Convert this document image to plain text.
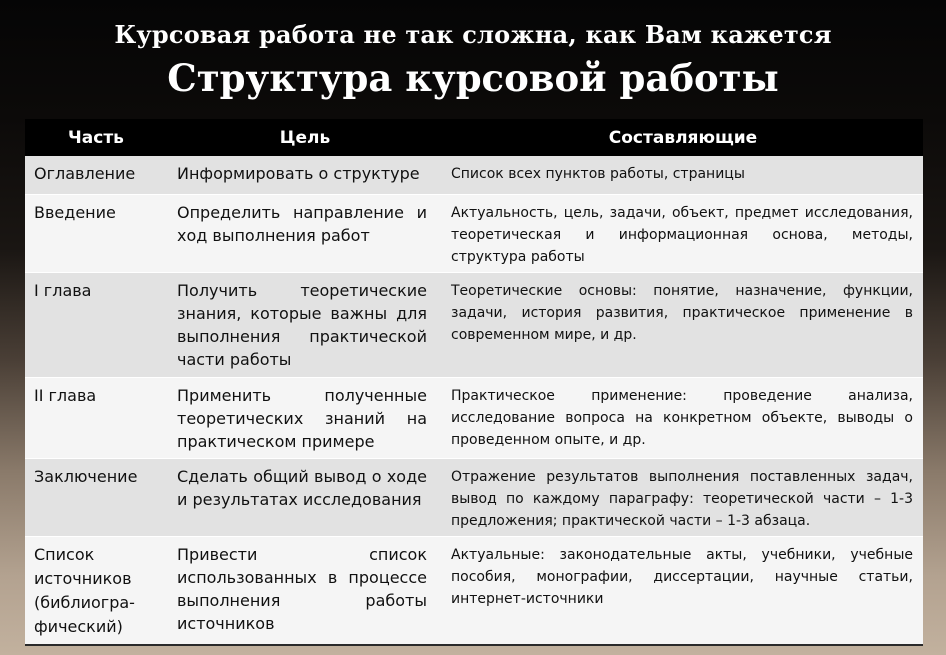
Курсовая работа не так сложна, как Вам кажется
Структура курсовой работы
Часть	Цель	Составляющие
Оглавление	Информировать о структуре	Список всех пунктов работы, страницы
Введение	Определить направление и ход выполнения работ	Актуальность, цель, задачи, объект, предмет исследования, теоретическая и информационная основа, методы, структура работы
I глава	Получить теоретические знания, которые важны для выполнения практической части работы	Теоретические основы: понятие, назначение, функции, задачи, история развития, практическое применение в современном мире, и др.
II глава	Применить полученные теоретических знаний на практическом примере	Практическое применение: проведение анализа, исследование вопроса на конкретном объекте, выводы о проведенном опыте, и др.
Заключение	Сделать общий вывод о ходе и результатах исследования	Отражение результатов выполнения поставленных задач, вывод по каждому параграфу: теоретической части – 1-3 предложения; практической части – 1-3 абзаца.
Список источников (библиогра-фический)	Привести список использованных в процессе выполнения работы источников	Актуальные: законодательные акты, учебники, учебные пособия, монографии, диссертации, научные статьи, интернет-источники
